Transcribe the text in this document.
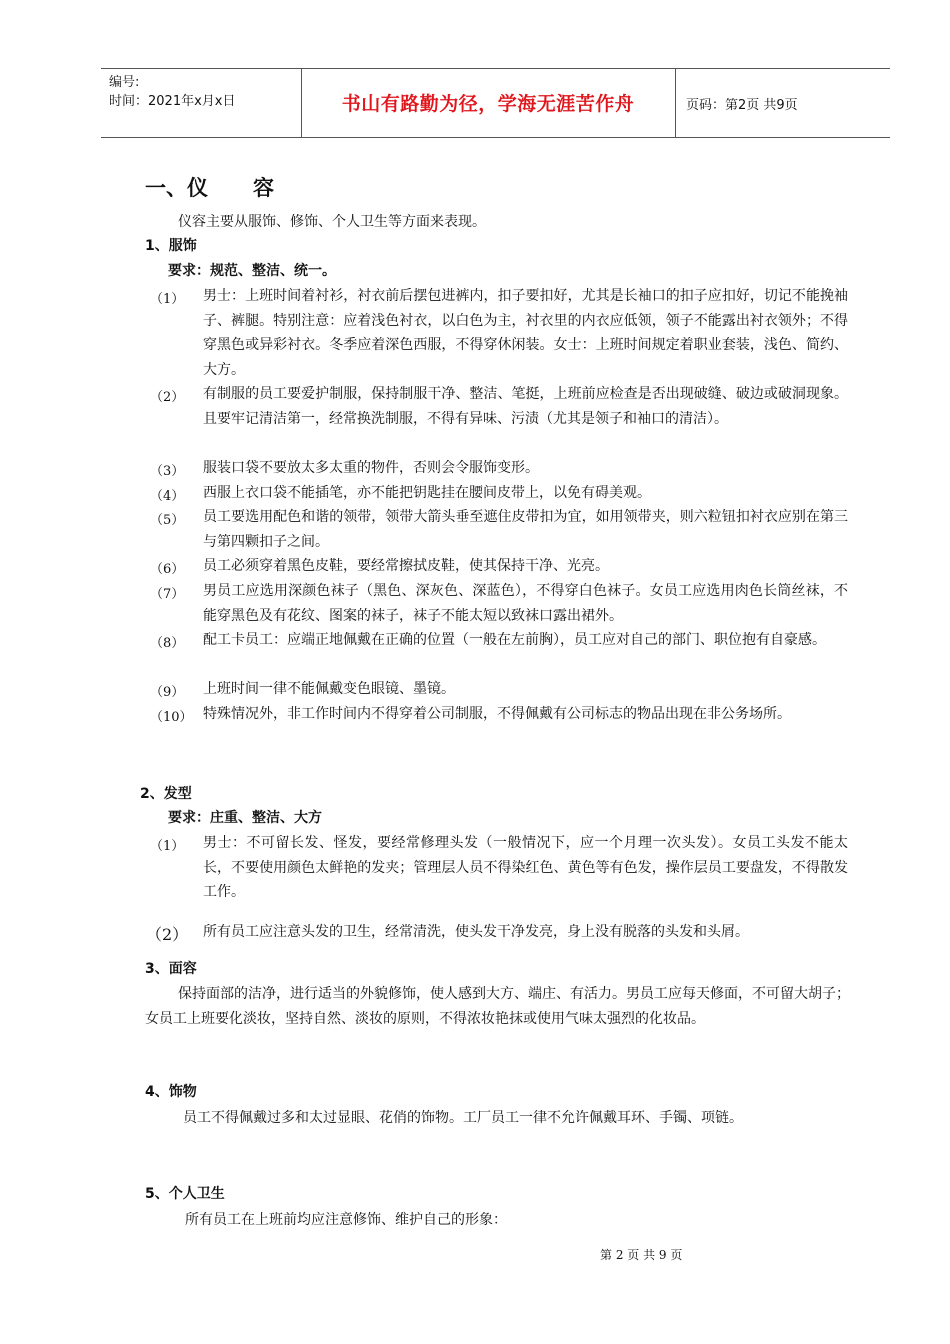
编号:
时间：2021年x月x日	书山有路勤为径，学海无涯苦作舟	页码：第2页 共9页
一、仪 容
仪容主要从服饰、修饰、个人卫生等方面来表现。
1、服饰
要求：规范、整洁、统一。
（1） 男士：上班时间着衬衫，衬衣前后摆包进裤内，扣子要扣好，尤其是长袖口的扣子应扣好，切记不能挽袖子、裤腿。特别注意：应着浅色衬衣，以白色为主，衬衣里的内衣应低领，领子不能露出衬衣领外；不得穿黑色或异彩衬衣。冬季应着深色西服，不得穿休闲装。女士：上班时间规定着职业套装，浅色、简约、大方。
（2） 有制服的员工要爱护制服，保持制服干净、整洁、笔挺，上班前应检查是否出现破缝、破边或破洞现象。且要牢记清洁第一，经常换洗制服，不得有异味、污渍（尤其是领子和袖口的清洁）。
（3） 服装口袋不要放太多太重的物件，否则会令服饰变形。
（4） 西服上衣口袋不能插笔，亦不能把钥匙挂在腰间皮带上，以免有碍美观。
（5） 员工要选用配色和谐的领带，领带大箭头垂至遮住皮带扣为宜，如用领带夹，则六粒钮扣衬衣应别在第三与第四颗扣子之间。
（6） 员工必须穿着黑色皮鞋，要经常擦拭皮鞋，使其保持干净、光亮。
（7） 男员工应选用深颜色袜子（黑色、深灰色、深蓝色），不得穿白色袜子。女员工应选用肉色长筒丝袜，不能穿黑色及有花纹、图案的袜子，袜子不能太短以致袜口露出裙外。
（8） 配工卡员工：应端正地佩戴在正确的位置（一般在左前胸），员工应对自己的部门、职位抱有自豪感。
（9） 上班时间一律不能佩戴变色眼镜、墨镜。
（10） 特殊情况外，非工作时间内不得穿着公司制服，不得佩戴有公司标志的物品出现在非公务场所。
2、发型
要求：庄重、整洁、大方
（1） 男士：不可留长发、怪发，要经常修理头发（一般情况下，应一个月理一次头发）。女员工头发不能太长，不要使用颜色太鲜艳的发夹；管理层人员不得染红色、黄色等有色发，操作层员工要盘发，不得散发工作。
（2） 所有员工应注意头发的卫生，经常清洗，使头发干净发亮，身上没有脱落的头发和头屑。
3、面容
保持面部的洁净，进行适当的外貌修饰，使人感到大方、端庄、有活力。男员工应每天修面，不可留大胡子；女员工上班要化淡妆，坚持自然、淡妆的原则，不得浓妆艳抹或使用气味太强烈的化妆品。
4、饰物
员工不得佩戴过多和太过显眼、花俏的饰物。工厂员工一律不允许佩戴耳环、手镯、项链。
5、个人卫生
所有员工在上班前均应注意修饰、维护自己的形象：
第 2 页 共 9 页
